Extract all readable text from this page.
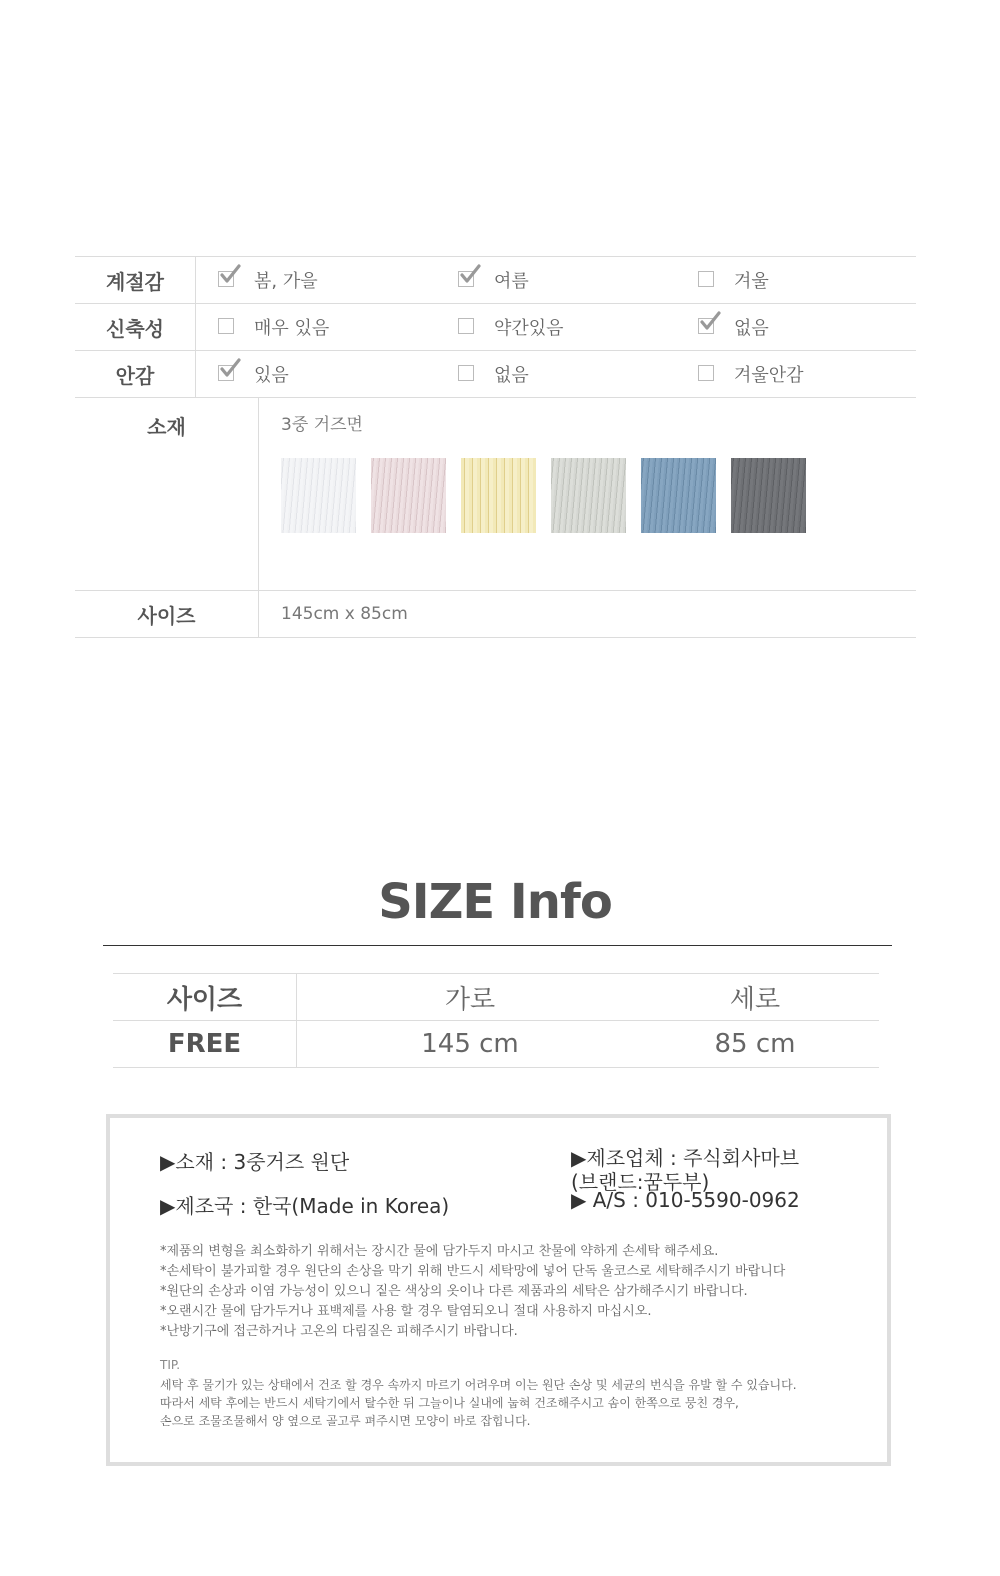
계절감	봄, 가을	여름	겨울
신축성	매우 있음	약간있음	없음
안감	있음	없음	겨울안감
소재	3중 거즈면
사이즈	145cm x 85cm
SIZE Info
사이즈	가로	세로
FREE	145 cm	85 cm
▶소재 : 3중거즈 원단
▶제조국 : 한국(Made in Korea)
▶제조업체 : 주식회사마브
(브랜드:꿈두부)
▶ A/S : 010-5590-0962
*제품의 변형을 최소화하기 위해서는 장시간 물에 담가두지 마시고 찬물에 약하게 손세탁 해주세요.
*손세탁이 불가피할 경우 원단의 손상을 막기 위해 반드시 세탁망에 넣어 단독 울코스로 세탁해주시기 바랍니다
*원단의 손상과 이염 가능성이 있으니 짙은 색상의 옷이나 다른 제품과의 세탁은 삼가해주시기 바랍니다.
*오랜시간 물에 담가두거나 표백제를 사용 할 경우 탈염되오니 절대 사용하지 마십시오.
*난방기구에 접근하거나 고온의 다림질은 피해주시기 바랍니다.
TIP.
세탁 후 물기가 있는 상태에서 건조 할 경우 속까지 마르기 어려우며 이는 원단 손상 및 세균의 번식을 유발 할 수 있습니다.
따라서 세탁 후에는 반드시 세탁기에서 탈수한 뒤 그늘이나 실내에 눕혀 건조해주시고 솜이 한쪽으로 뭉친 경우,
손으로 조물조물해서 양 옆으로 골고루 펴주시면 모양이 바로 잡힙니다.
